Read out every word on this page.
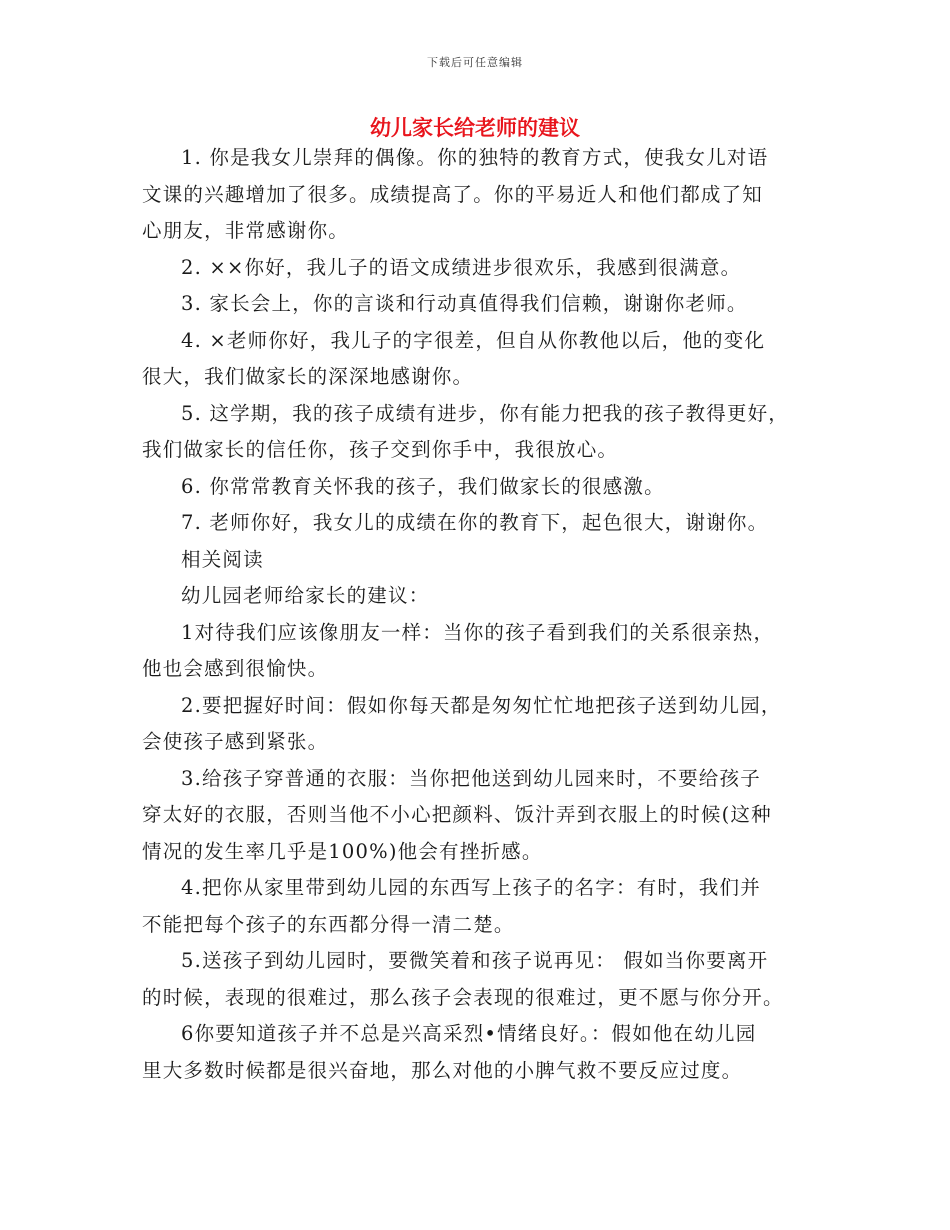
下载后可任意编辑
幼儿家长给老师的建议

1. 你是我女儿崇拜的偶像。你的独特的教育方式，使我女儿对语
文课的兴趣增加了很多。成绩提高了。你的平易近人和他们都成了知
心朋友，非常感谢你。

2. ××你好，我儿子的语文成绩进步很欢乐，我感到很满意。

3. 家长会上，你的言谈和行动真值得我们信赖，谢谢你老师。

4. ×老师你好，我儿子的字很差，但自从你教他以后，他的变化
很大，我们做家长的深深地感谢你。

5. 这学期，我的孩子成绩有进步，你有能力把我的孩子教得更好，
我们做家长的信任你，孩子交到你手中，我很放心。

6. 你常常教育关怀我的孩子，我们做家长的很感激。

7. 老师你好，我女儿的成绩在你的教育下，起色很大，谢谢你。

相关阅读

幼儿园老师给家长的建议：

1对待我们应该像朋友一样：当你的孩子看到我们的关系很亲热，
他也会感到很愉快。

2.要把握好时间：假如你每天都是匆匆忙忙地把孩子送到幼儿园，
会使孩子感到紧张。

3.给孩子穿普通的衣服：当你把他送到幼儿园来时，不要给孩子
穿太好的衣服，否则当他不小心把颜料、饭汁弄到衣服上的时候(这种
情况的发生率几乎是100%)他会有挫折感。

4.把你从家里带到幼儿园的东西写上孩子的名字：有时，我们并
不能把每个孩子的东西都分得一清二楚。

5.送孩子到幼儿园时，要微笑着和孩子说再见： 假如当你要离开
的时候，表现的很难过，那么孩子会表现的很难过，更不愿与你分开。

6你要知道孩子并不总是兴高采烈•情绪良好。：假如他在幼儿园
里大多数时候都是很兴奋地，那么对他的小脾气救不要反应过度。
